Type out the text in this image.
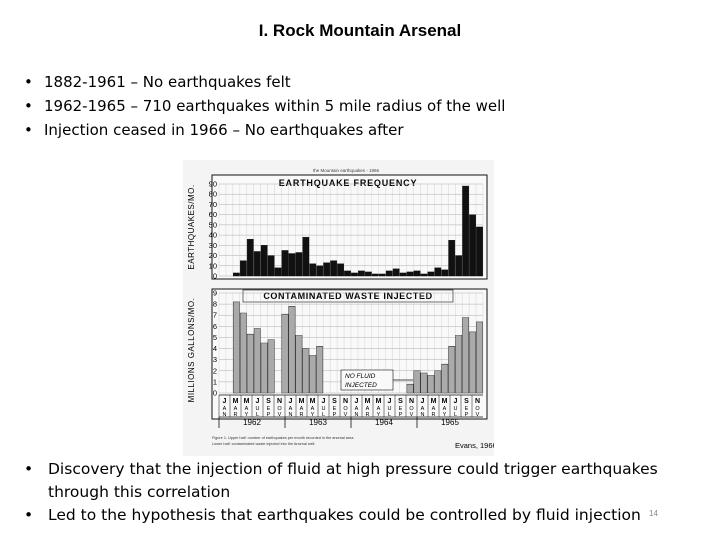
I. Rock Mountain Arsenal
• 1882-1961 – No earthquakes felt
• 1962-1965 – 710 earthquakes within 5 mile radius of the well
• Injection ceased in 1966 – No earthquakes after
the Mountain earthquakes - 1966
EARTHQUAKE FREQUENCY
EARTHQUAKES/MO.
0
10
20
30
40
50
60
70
80
90
CONTAMINATED WASTE INJECTED
MILLIONS GALLONS/MO. 0
1
2
3
4
5
6
7
8
9
NO FLUID
INJECTED
J
A
N
M
A
R
M
A
Y
J
U
L
S
E
P
N
O
V
J
A
N
M
A
R
M
A
Y
J
U
L
S
E
P
N
O
V
J
A
N
M
A
R
M
A
Y
J
U
L
S
E
P
N
O
V
J
A
N
M
A
R
M
A
Y
J
U
L
S
E
P
N
O
V
1962	1963	1964	1965
Figure 1. Upper half: number of earthquakes per month recorded in the arsenal area.
Lower half: contaminated waste injected into the Arsenal well.	Evans, 1966
• Discovery that the injection of fluid at high pressure could trigger earthquakes through this correlation
• Led to the hypothesis that earthquakes could be controlled by fluid injection	14
